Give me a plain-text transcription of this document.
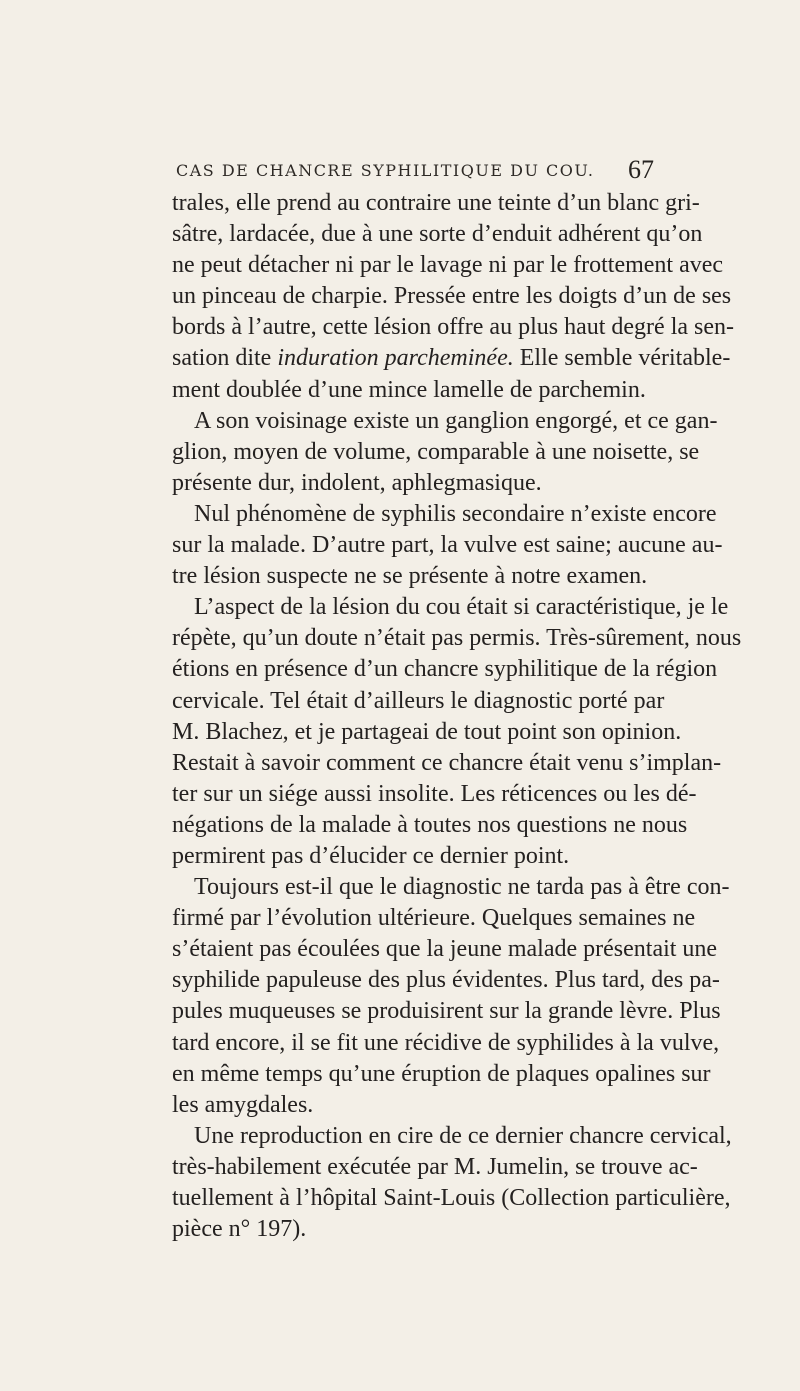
CAS DE CHANCRE SYPHILITIQUE DU COU. 67
trales, elle prend au contraire une teinte d’un blanc gri-
sâtre, lardacée, due à une sorte d’enduit adhérent qu’on
ne peut détacher ni par le lavage ni par le frottement avec
un pinceau de charpie. Pressée entre les doigts d’un de ses
bords à l’autre, cette lésion offre au plus haut degré la sen-
sation dite induration parcheminée. Elle semble véritable-
ment doublée d’une mince lamelle de parchemin.
A son voisinage existe un ganglion engorgé, et ce gan-
glion, moyen de volume, comparable à une noisette, se
présente dur, indolent, aphlegmasique.
Nul phénomène de syphilis secondaire n’existe encore
sur la malade. D’autre part, la vulve est saine; aucune au-
tre lésion suspecte ne se présente à notre examen.
L’aspect de la lésion du cou était si caractéristique, je le
répète, qu’un doute n’était pas permis. Très-sûrement, nous
étions en présence d’un chancre syphilitique de la région
cervicale. Tel était d’ailleurs le diagnostic porté par
M. Blachez, et je partageai de tout point son opinion.
Restait à savoir comment ce chancre était venu s’implan-
ter sur un siége aussi insolite. Les réticences ou les dé-
négations de la malade à toutes nos questions ne nous
permirent pas d’élucider ce dernier point.
Toujours est-il que le diagnostic ne tarda pas à être con-
firmé par l’évolution ultérieure. Quelques semaines ne
s’étaient pas écoulées que la jeune malade présentait une
syphilide papuleuse des plus évidentes. Plus tard, des pa-
pules muqueuses se produisirent sur la grande lèvre. Plus
tard encore, il se fit une récidive de syphilides à la vulve,
en même temps qu’une éruption de plaques opalines sur
les amygdales.
Une reproduction en cire de ce dernier chancre cervical,
très-habilement exécutée par M. Jumelin, se trouve ac-
tuellement à l’hôpital Saint-Louis (Collection particulière,
pièce n° 197).
